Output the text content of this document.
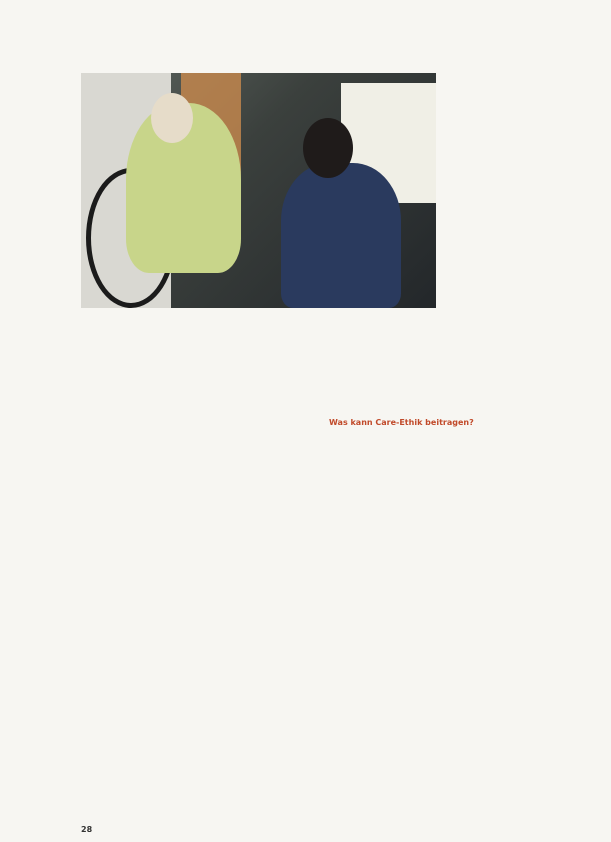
Was kann Care-Ethik beitragen?

28
